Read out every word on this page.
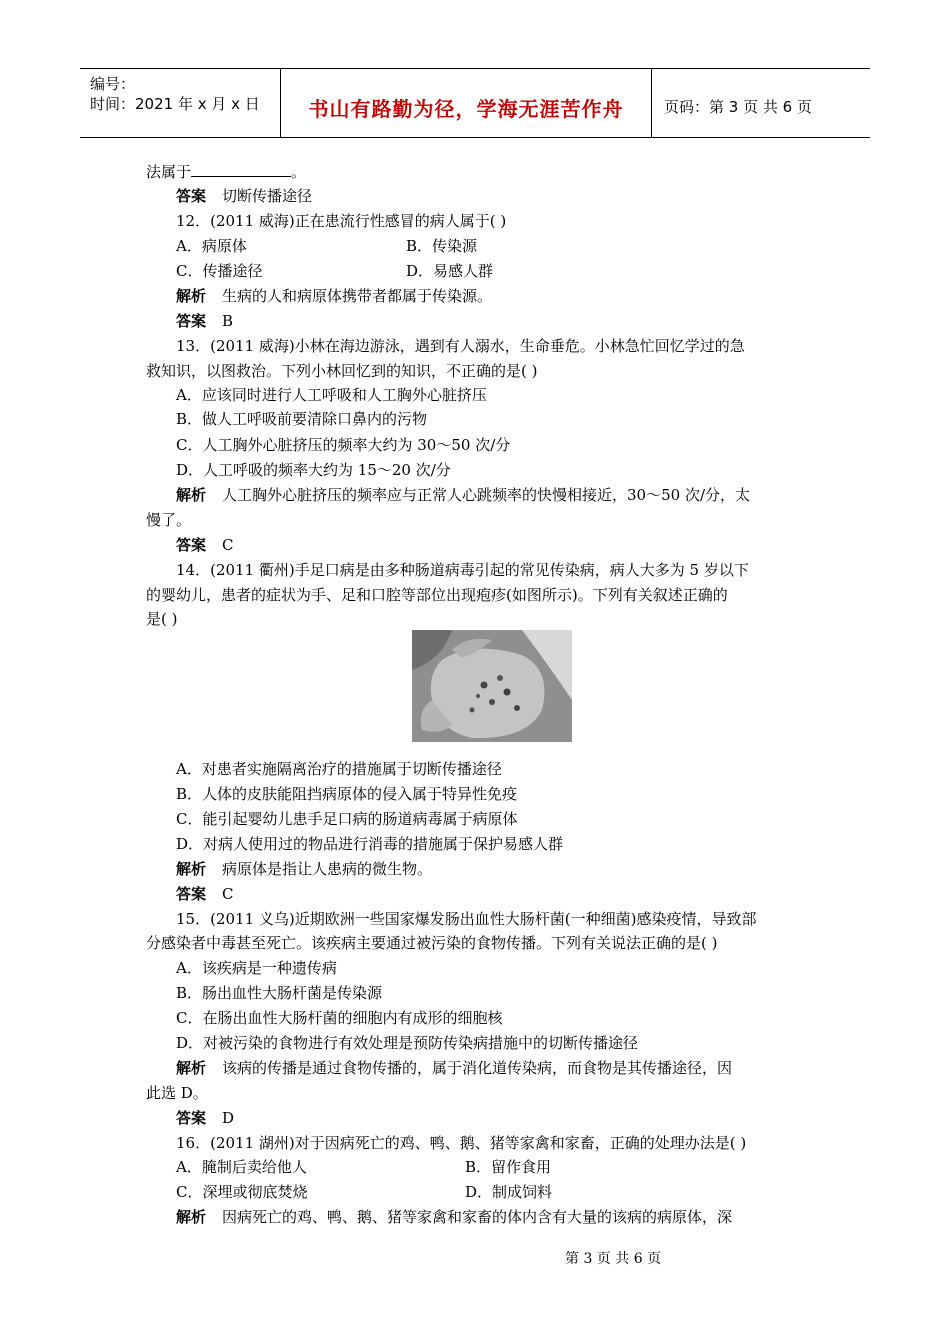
编号：
时间：2021 年 x 月 x 日	书山有路勤为径，学海无涯苦作舟	页码：第 3 页 共 6 页
法属于	。
答案 切断传播途径
12．(2011 威海)正在患流行性感冒的病人属于( )
A．病原体	B．传染源
C．传播途径	D．易感人群
解析 生病的人和病原体携带者都属于传染源。
答案 B
13．(2011 威海)小林在海边游泳，遇到有人溺水，生命垂危。小林急忙回忆学过的急
救知识，以图救治。下列小林回忆到的知识，不正确的是( )
A．应该同时进行人工呼吸和人工胸外心脏挤压
B．做人工呼吸前要清除口鼻内的污物
C．人工胸外心脏挤压的频率大约为 30～50 次/分
D．人工呼吸的频率大约为 15～20 次/分
解析 人工胸外心脏挤压的频率应与正常人心跳频率的快慢相接近，30～50 次/分，太
慢了。
答案 C
14．(2011 衢州)手足口病是由多种肠道病毒引起的常见传染病，病人大多为 5 岁以下
的婴幼儿，患者的症状为手、足和口腔等部位出现疱疹(如图所示)。下列有关叙述正确的
是( )
A．对患者实施隔离治疗的措施属于切断传播途径
B．人体的皮肤能阻挡病原体的侵入属于特异性免疫
C．能引起婴幼儿患手足口病的肠道病毒属于病原体
D．对病人使用过的物品进行消毒的措施属于保护易感人群
解析 病原体是指让人患病的微生物。
答案 C
15．(2011 义乌)近期欧洲一些国家爆发肠出血性大肠杆菌(一种细菌)感染疫情，导致部
分感染者中毒甚至死亡。该疾病主要通过被污染的食物传播。下列有关说法正确的是( )
A．该疾病是一种遗传病
B．肠出血性大肠杆菌是传染源
C．在肠出血性大肠杆菌的细胞内有成形的细胞核
D．对被污染的食物进行有效处理是预防传染病措施中的切断传播途径
解析 该病的传播是通过食物传播的，属于消化道传染病，而食物是其传播途径，因
此选 D。
答案 D
16．(2011 湖州)对于因病死亡的鸡、鸭、鹅、猪等家禽和家畜，正确的处理办法是( )
A．腌制后卖给他人	B．留作食用
C．深埋或彻底焚烧	D．制成饲料
解析 因病死亡的鸡、鸭、鹅、猪等家禽和家畜的体内含有大量的该病的病原体，深
第 3 页 共 6 页
